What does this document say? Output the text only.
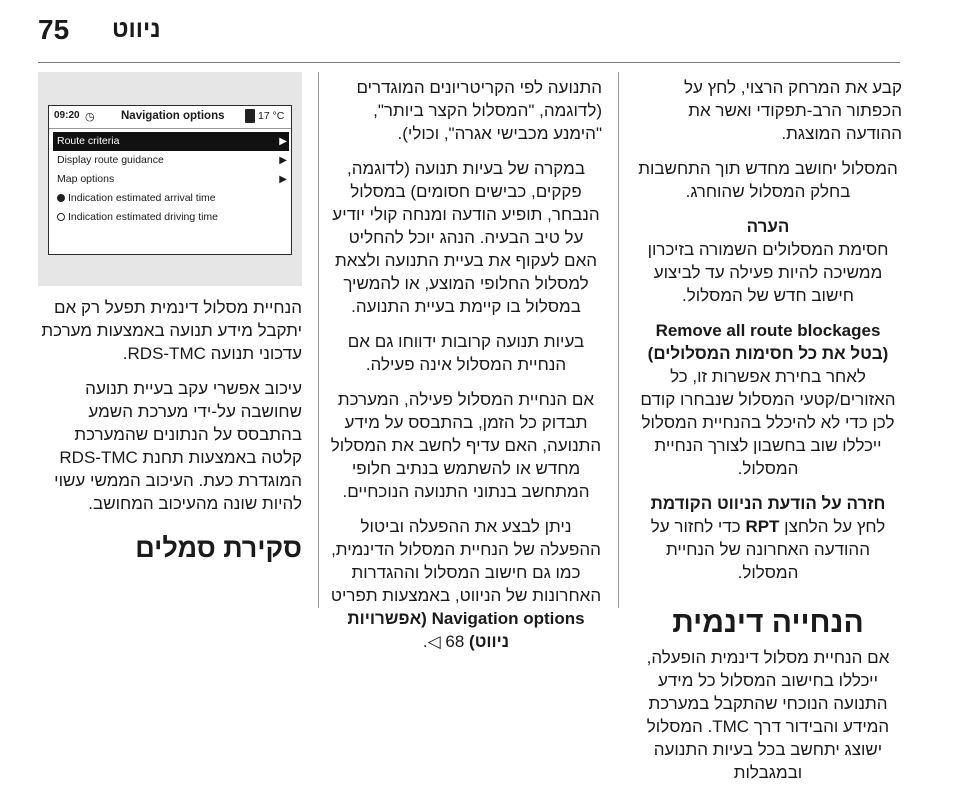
75 ניווט
09:20 ◷ Navigation options	17 °C
Route criteria	▶
Display route guidance	▶
Map options	▶
Indication estimated arrival time
Indication estimated driving time

קבע את המרחק הרצוי, לחץ על הכפתור הרב-תפקודי ואשר את ההודעה המוצגת.

המסלול יחושב מחדש תוך התחשבות בחלק המסלול שהוחרג.

הערה

חסימת המסלולים השמורה בזיכרון ממשיכה להיות פעילה עד לביצוע חישוב חדש של המסלול.

Remove all route blockages
(בטל את כל חסימות המסלולים)

לאחר בחירת אפשרות זו, כל האזורים/קטעי המסלול שנבחרו קודם לכן כדי לא להיכלל בהנחיית המסלול ייכללו שוב בחשבון לצורך הנחיית המסלול.

חזרה על הודעת הניווט הקודמת

לחץ על הלחצן RPT כדי לחזור על ההודעה האחרונה של הנחיית המסלול.

הנחייה דינמית

אם הנחיית מסלול דינמית הופעלה, ייכללו בחישוב המסלול כל מידע התנועה הנוכחי שהתקבל במערכת המידע והבידור דרך TMC. המסלול ישוצג יתחשב בכל בעיות התנועה ובמגבלות

התנועה לפי הקריטריונים המוגדרים (לדוגמה, "המסלול הקצר ביותר", "הימנע מכבישי אגרה", וכולי).

במקרה של בעיות תנועה (לדוגמה, פקקים, כבישים חסומים) במסלול הנבחר, תופיע הודעה ומנחה קולי יודיע על טיב הבעיה. הנהג יוכל להחליט האם לעקוף את בעיית התנועה ולצאת למסלול החלופי המוצע, או להמשיך במסלול בו קיימת בעיית התנועה.

בעיות תנועה קרובות ידווחו גם אם הנחיית המסלול אינה פעילה.

אם הנחיית המסלול פעילה, המערכת תבדוק כל הזמן, בהתבסס על מידע התנועה, האם עדיף לחשב את המסלול מחדש או להשתמש בנתיב חלופי המתחשב בנתוני התנועה הנוכחיים.

ניתן לבצע את ההפעלה וביטול ההפעלה של הנחיית המסלול הדינמית, כמו גם חישוב המסלול וההגדרות האחרונות של הניווט, באמצעות תפריט Navigation options (אפשרויות ניווט) 68 ◁.

הנחיית מסלול דינמית תפעל רק אם יתקבל מידע תנועה באמצעות מערכת עדכוני תנועה RDS-TMC.

עיכוב אפשרי עקב בעיית תנועה שחושבה על-ידי מערכת השמע בהתבסס על הנתונים שהמערכת קלטה באמצעות תחנת RDS-TMC המוגדרת כעת. העיכוב הממשי עשוי להיות שונה מהעיכוב המחושב.

סקירת סמלים
